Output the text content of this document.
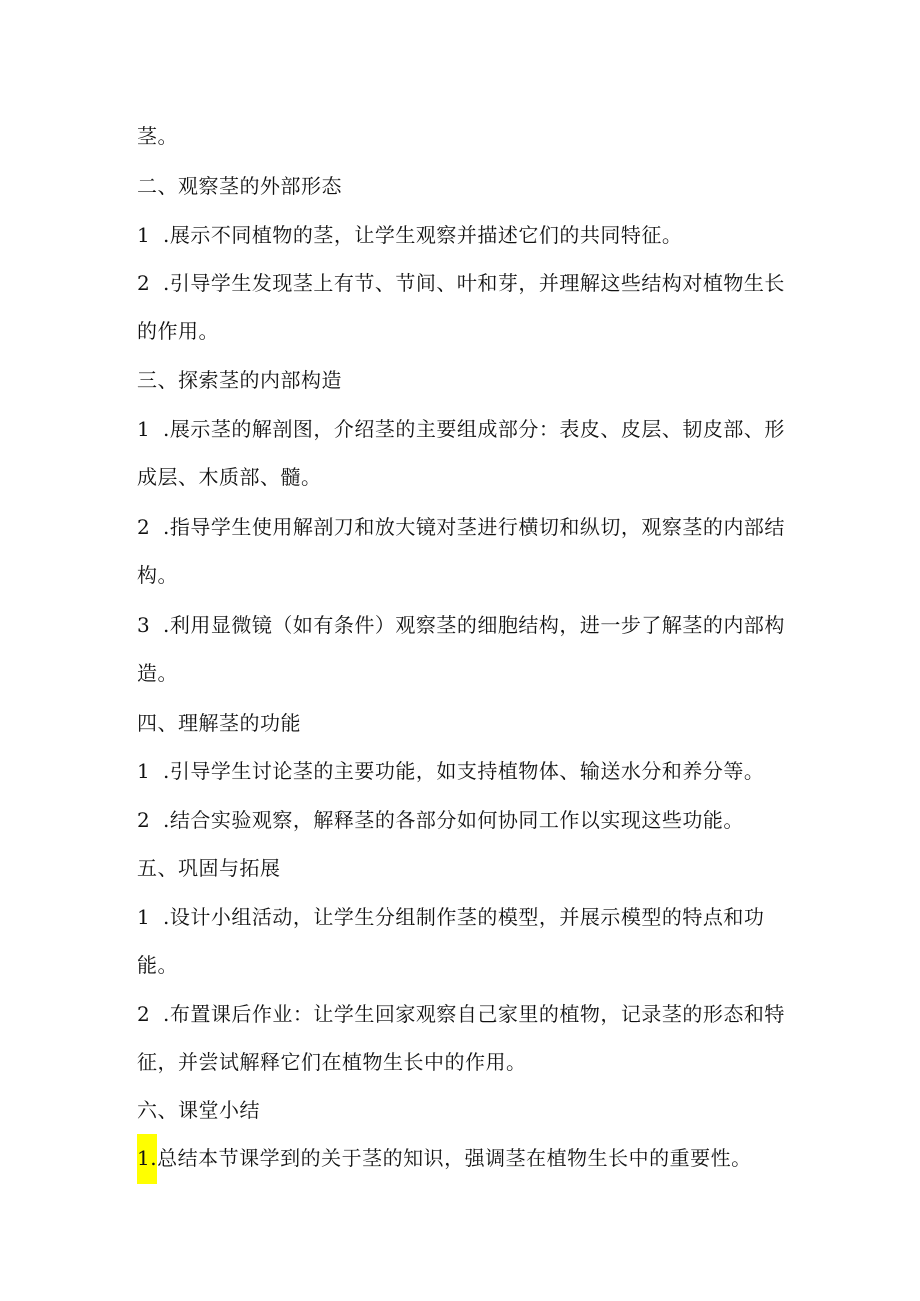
茎。
二、观察茎的外部形态
1 .展示不同植物的茎，让学生观察并描述它们的共同特征。
2 .引导学生发现茎上有节、节间、叶和芽，并理解这些结构对植物生长
的作用。
三、探索茎的内部构造
1 .展示茎的解剖图，介绍茎的主要组成部分：表皮、皮层、韧皮部、形
成层、木质部、髓。
2 .指导学生使用解剖刀和放大镜对茎进行横切和纵切，观察茎的内部结
构。
3 .利用显微镜（如有条件）观察茎的细胞结构，进一步了解茎的内部构
造。
四、理解茎的功能
1 .引导学生讨论茎的主要功能，如支持植物体、输送水分和养分等。
2 .结合实验观察，解释茎的各部分如何协同工作以实现这些功能。
五、巩固与拓展
1 .设计小组活动，让学生分组制作茎的模型，并展示模型的特点和功
能。
2 .布置课后作业：让学生回家观察自己家里的植物，记录茎的形态和特
征，并尝试解释它们在植物生长中的作用。
六、课堂小结
1.总结本节课学到的关于茎的知识，强调茎在植物生长中的重要性。
